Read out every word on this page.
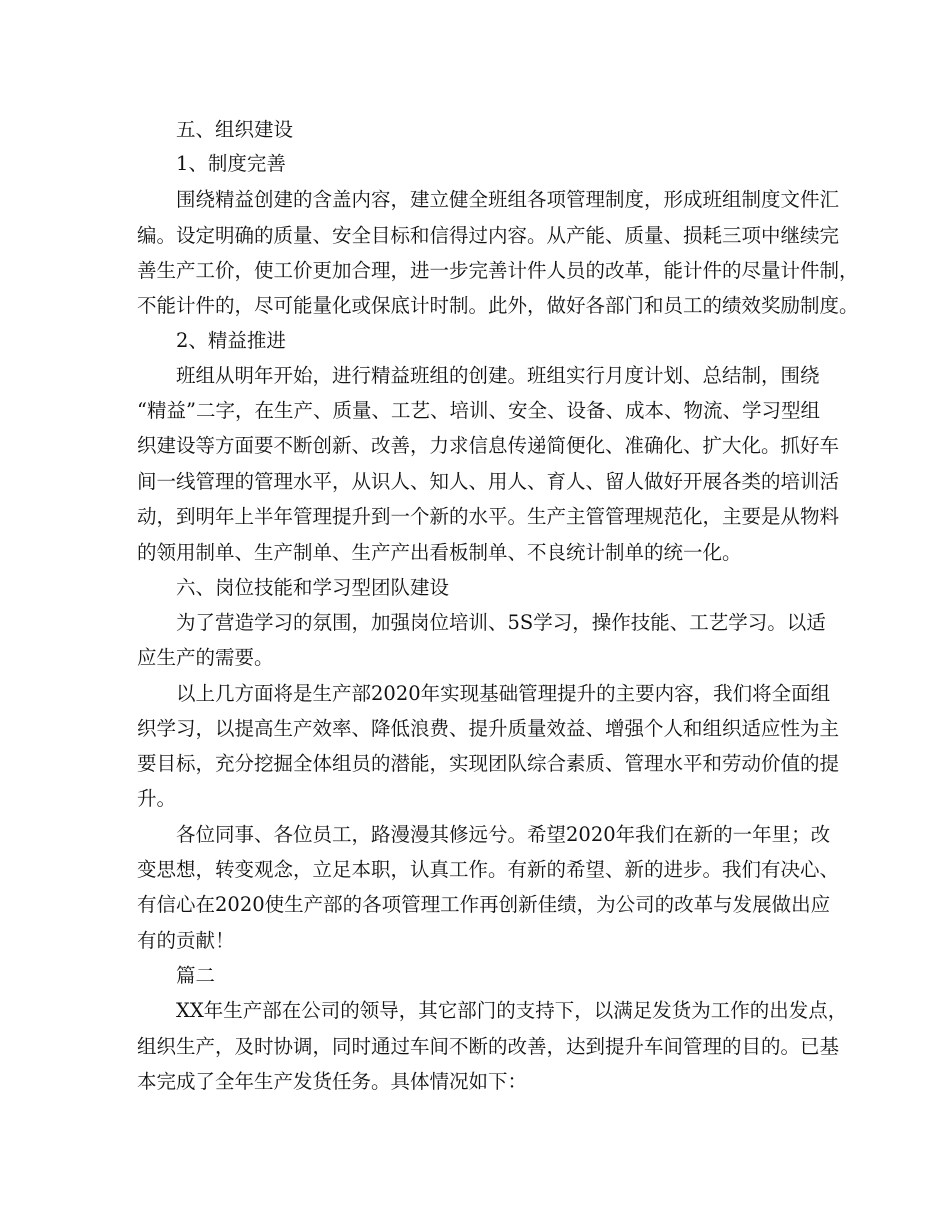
五、组织建设
1、制度完善
围绕精益创建的含盖内容，建立健全班组各项管理制度，形成班组制度文件汇
编。设定明确的质量、安全目标和信得过内容。从产能、质量、损耗三项中继续完
善生产工价，使工价更加合理，进一步完善计件人员的改革，能计件的尽量计件制，
不能计件的，尽可能量化或保底计时制。此外，做好各部门和员工的绩效奖励制度。
2、精益推进
班组从明年开始，进行精益班组的创建。班组实行月度计划、总结制，围绕
“精益”二字，在生产、质量、工艺、培训、安全、设备、成本、物流、学习型组
织建设等方面要不断创新、改善，力求信息传递简便化、准确化、扩大化。抓好车
间一线管理的管理水平，从识人、知人、用人、育人、留人做好开展各类的培训活
动，到明年上半年管理提升到一个新的水平。生产主管管理规范化，主要是从物料
的领用制单、生产制单、生产产出看板制单、不良统计制单的统一化。
六、岗位技能和学习型团队建设
为了营造学习的氛围，加强岗位培训、5S学习，操作技能、工艺学习。以适
应生产的需要。
以上几方面将是生产部2020年实现基础管理提升的主要内容，我们将全面组
织学习，以提高生产效率、降低浪费、提升质量效益、增强个人和组织适应性为主
要目标，充分挖掘全体组员的潜能，实现团队综合素质、管理水平和劳动价值的提
升。
各位同事、各位员工，路漫漫其修远兮。希望2020年我们在新的一年里；改
变思想，转变观念，立足本职，认真工作。有新的希望、新的进步。我们有决心、
有信心在2020使生产部的各项管理工作再创新佳绩，为公司的改革与发展做出应
有的贡献！
篇二
XX年生产部在公司的领导，其它部门的支持下，以满足发货为工作的出发点，
组织生产，及时协调，同时通过车间不断的改善，达到提升车间管理的目的。已基
本完成了全年生产发货任务。具体情况如下：
